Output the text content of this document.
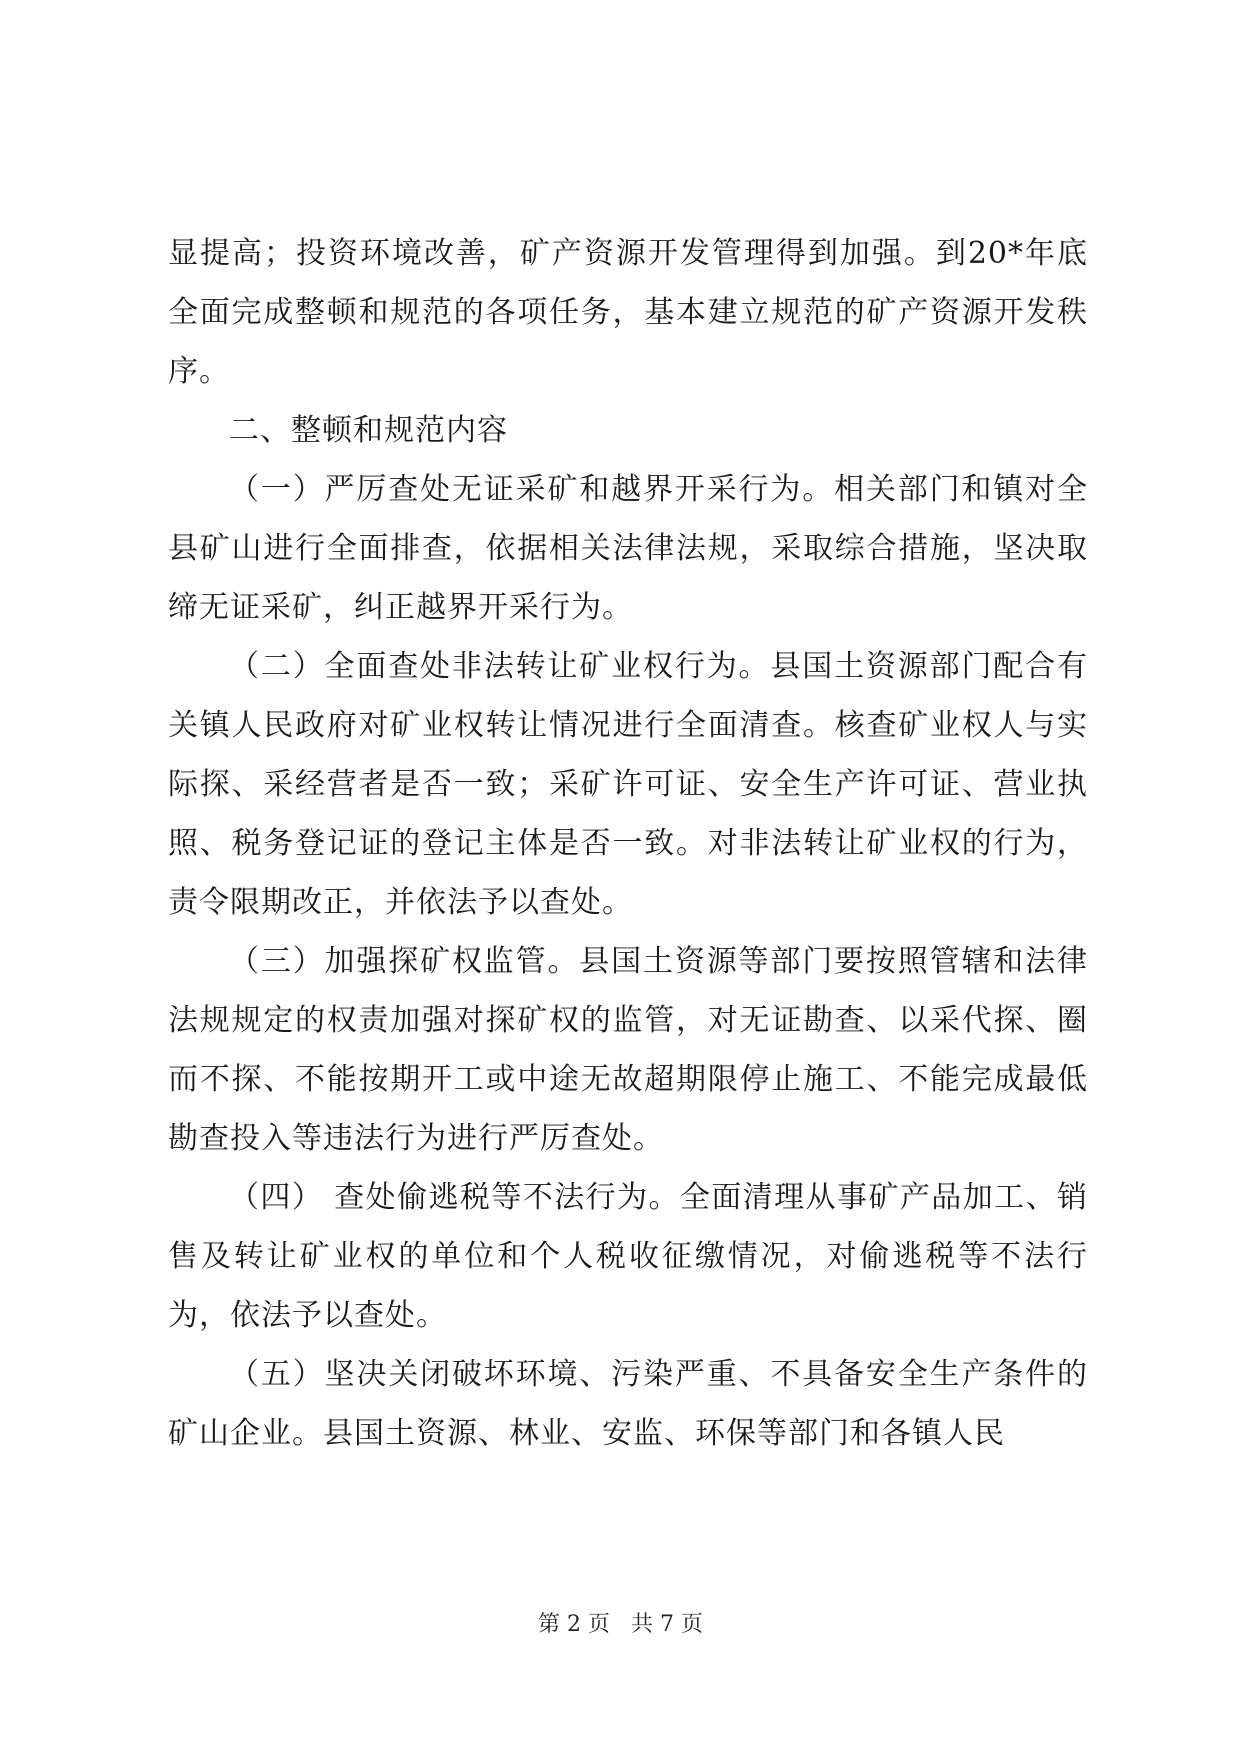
显提高；投资环境改善，矿产资源开发管理得到加强。到20*年底全面完成整顿和规范的各项任务，基本建立规范的矿产资源开发秩序。

二、整顿和规范内容

（一）严厉查处无证采矿和越界开采行为。相关部门和镇对全县矿山进行全面排查，依据相关法律法规，采取综合措施，坚决取缔无证采矿，纠正越界开采行为。

（二）全面查处非法转让矿业权行为。县国土资源部门配合有关镇人民政府对矿业权转让情况进行全面清查。核查矿业权人与实际探、采经营者是否一致；采矿许可证、安全生产许可证、营业执照、税务登记证的登记主体是否一致。对非法转让矿业权的行为，责令限期改正，并依法予以查处。

（三）加强探矿权监管。县国土资源等部门要按照管辖和法律法规规定的权责加强对探矿权的监管，对无证勘查、以采代探、圈而不探、不能按期开工或中途无故超期限停止施工、不能完成最低勘查投入等违法行为进行严厉查处。

（四） 查处偷逃税等不法行为。全面清理从事矿产品加工、销售及转让矿业权的单位和个人税收征缴情况，对偷逃税等不法行为，依法予以查处。

（五）坚决关闭破坏环境、污染严重、不具备安全生产条件的矿山企业。县国土资源、林业、安监、环保等部门和各镇人民

第 2 页 共 7 页
